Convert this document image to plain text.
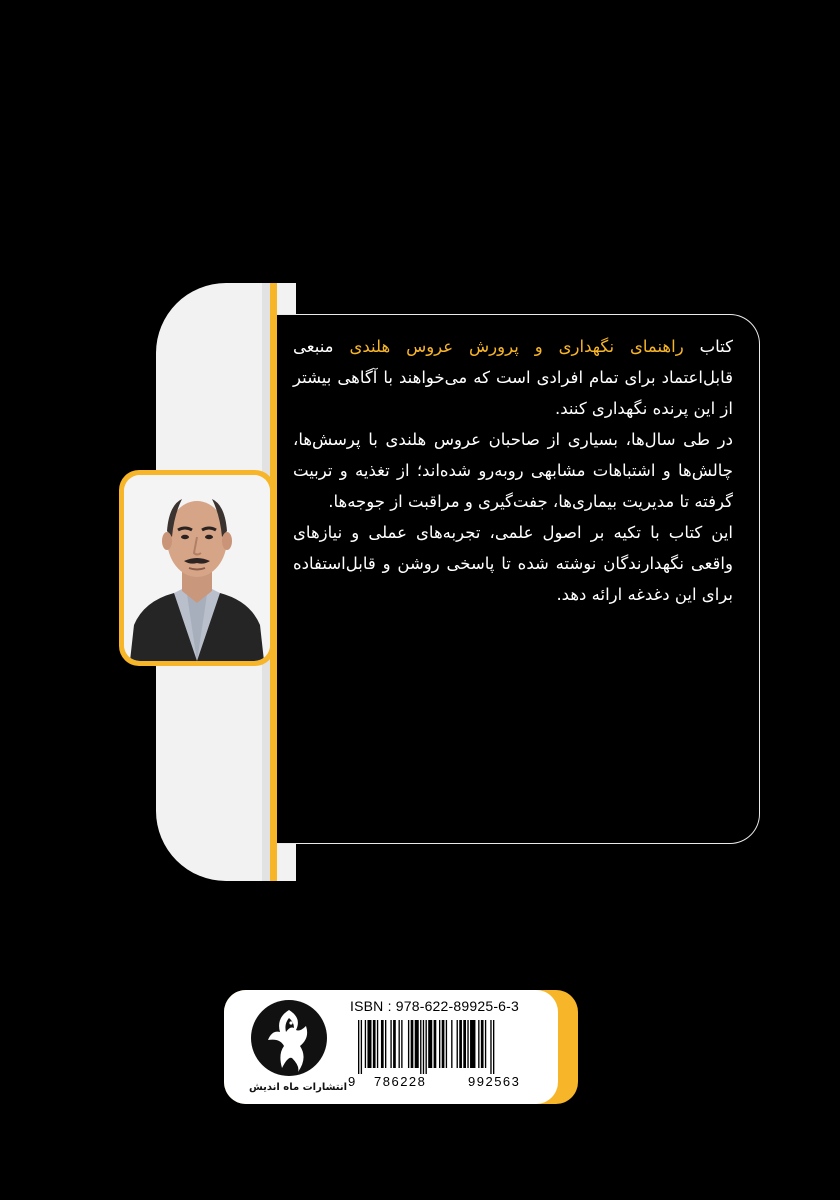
کتاب راهنمای نگهداری و پرورش عروس هلندی منبعی قابل‌اعتماد برای تمام افرادی است که می‌خواهند با آگاهی بیشتر از این پرنده نگهداری کنند.

در طی سال‌ها، بسیاری از صاحبان عروس هلندی با پرسش‌ها، چالش‌ها و اشتباهات مشابهی روبه‌رو شده‌اند؛ از تغذیه و تربیت گرفته تا مدیریت بیماری‌ها، جفت‌گیری و مراقبت از جوجه‌ها.

این کتاب با تکیه بر اصول علمی، تجربه‌های عملی و نیازهای واقعی نگهدارندگان نوشته شده تا پاسخی روشن و قابل‌استفاده برای این دغدغه ارائه دهد.

انتشارات ماه اندیش
ISBN : 978-622-89925-6-3
9 786228	992563
